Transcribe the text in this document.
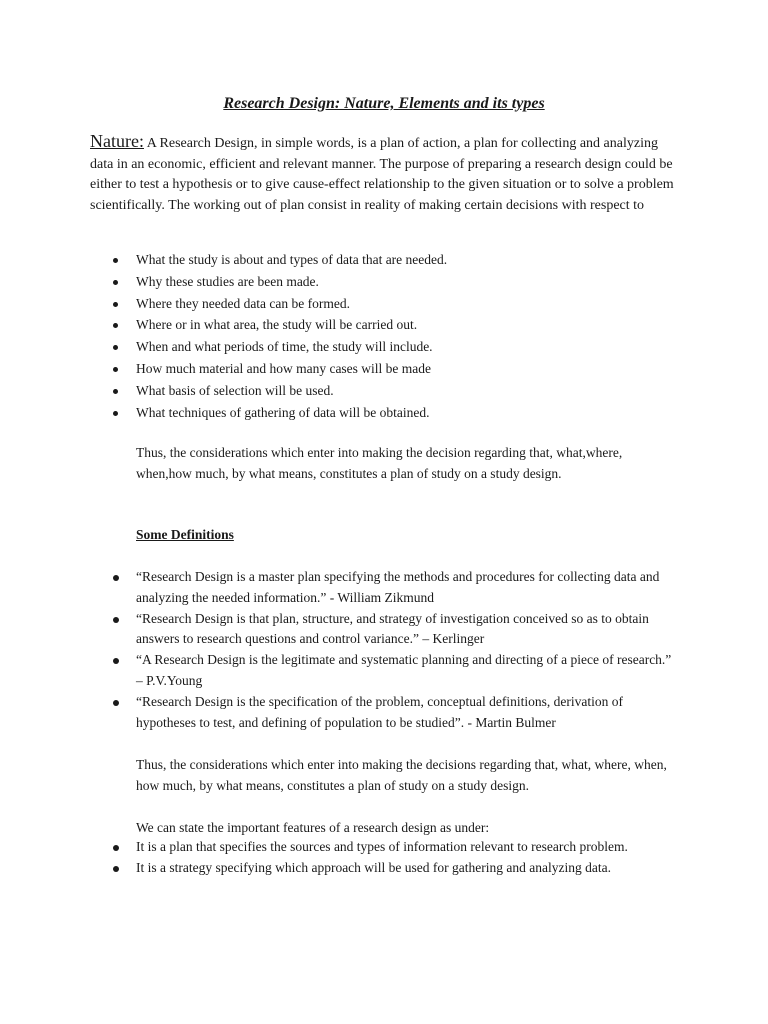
Research Design: Nature, Elements and its types

Nature: A Research Design, in simple words, is a plan of action, a plan for collecting and analyzing data in an economic, efficient and relevant manner. The purpose of preparing a research design could be either to test a hypothesis or to give cause-effect relationship to the given situation or to solve a problem scientifically. The working out of plan consist in reality of making certain decisions with respect to

What the study is about and types of data that are needed.
Why these studies are been made.
Where they needed data can be formed.
Where or in what area, the study will be carried out.
When and what periods of time, the study will include.
How much material and how many cases will be made
What basis of selection will be used.
What techniques of gathering of data will be obtained.

Thus, the considerations which enter into making the decision regarding that, what,where, when,how much, by what means, constitutes a plan of study on a study design.

Some Definitions

“Research Design is a master plan specifying the methods and procedures for collecting data and analyzing the needed information.” - William Zikmund
“Research Design is that plan, structure, and strategy of investigation conceived so as to obtain answers to research questions and control variance.” – Kerlinger
“A Research Design is the legitimate and systematic planning and directing of a piece of research.” – P.V.Young
“Research Design is the specification of the problem, conceptual definitions, derivation of hypotheses to test, and defining of population to be studied”. - Martin Bulmer

Thus, the considerations which enter into making the decisions regarding that, what, where, when, how much, by what means, constitutes a plan of study on a study design.

We can state the important features of a research design as under:

It is a plan that specifies the sources and types of information relevant to research problem.
It is a strategy specifying which approach will be used for gathering and analyzing data.
